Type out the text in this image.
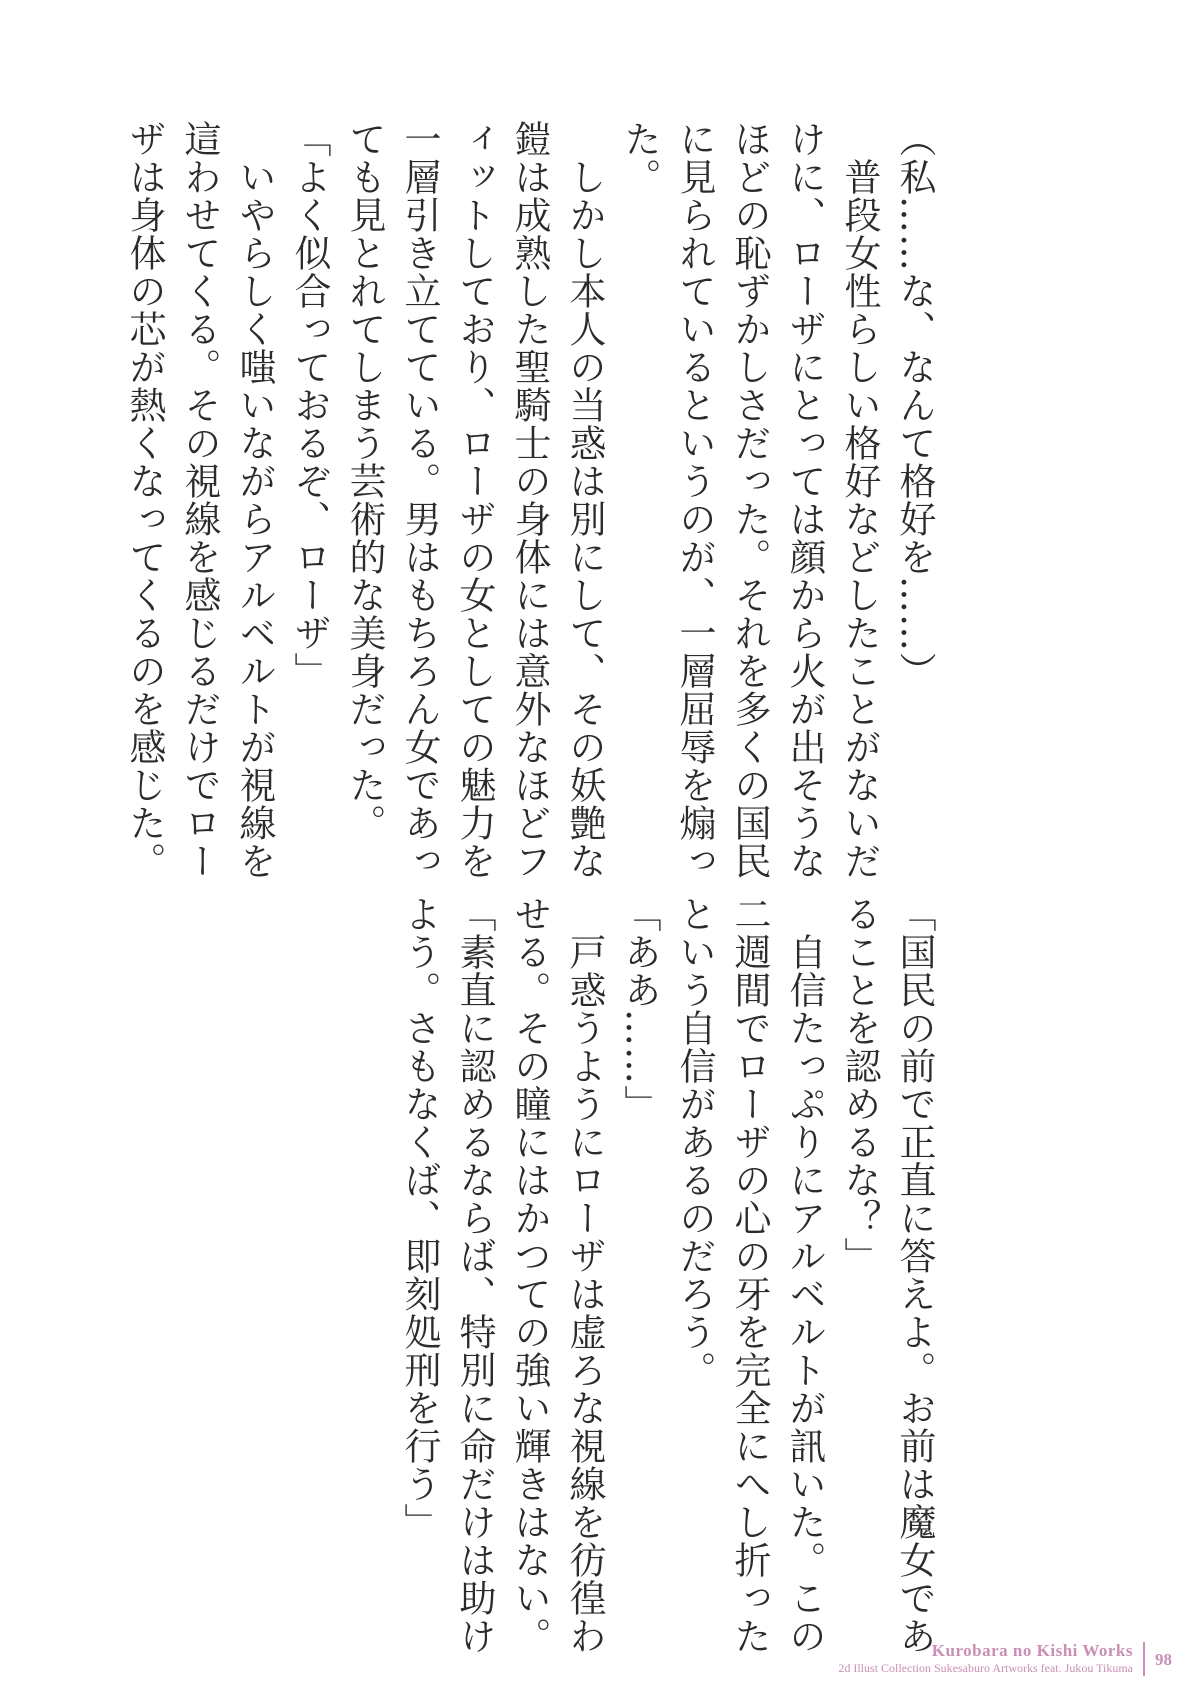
（私……な、なんて格好を……）
　普段女性らしい格好などしたことがないだ
けに、ローザにとっては顔から火が出そうな
ほどの恥ずかしさだった。それを多くの国民
に見られているというのが、一層屈辱を煽っ
た。
　しかし本人の当惑は別にして、その妖艶な
鎧は成熟した聖騎士の身体には意外なほどフ
ィットしており、ローザの女としての魅力を
一層引き立てている。男はもちろん女であっ
ても見とれてしまう芸術的な美身だった。
「よく似合っておるぞ、ローザ」
　いやらしく嗤いながらアルベルトが視線を
這わせてくる。その視線を感じるだけでロー
ザは身体の芯が熱くなってくるのを感じた。
「国民の前で正直に答えよ。お前は魔女であ
ることを認めるな？」
　自信たっぷりにアルベルトが訊いた。この
二週間でローザの心の牙を完全にへし折った
という自信があるのだろう。
「ああ……」
　戸惑うようにローザは虚ろな視線を彷徨わ
せる。その瞳にはかつての強い輝きはない。
「素直に認めるならば、特別に命だけは助け
よう。さもなくば、即刻処刑を行う」
Kurobara no Kishi Works
2d Illust Collection Sukesaburo Artworks feat. Jukou Tikuma 98
